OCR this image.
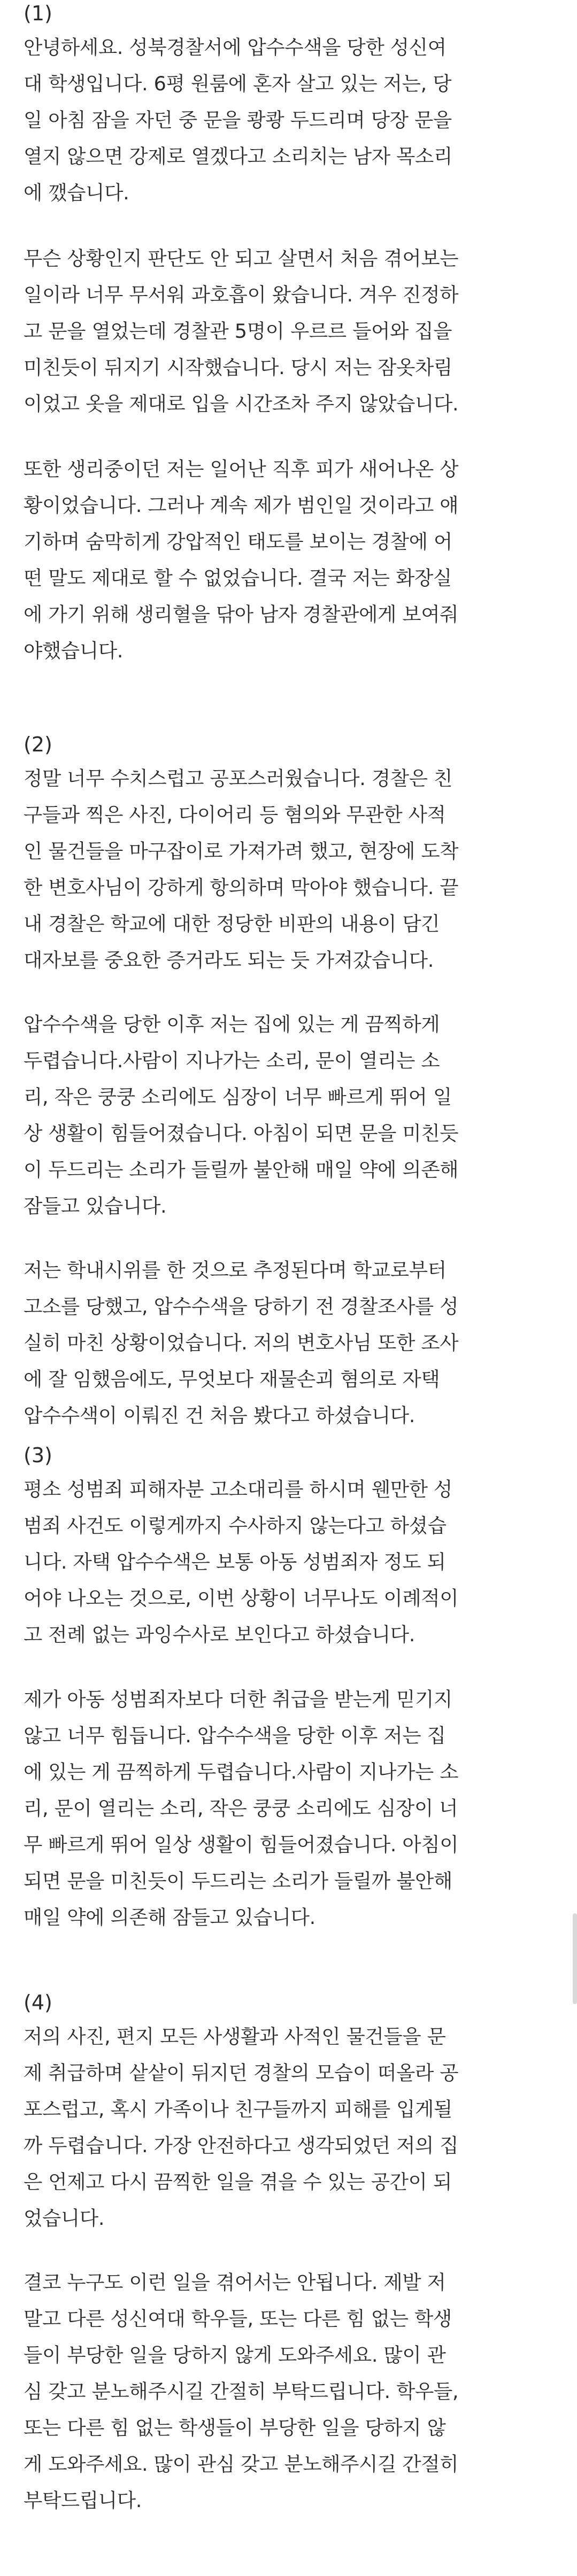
(1)
안녕하세요. 성북경찰서에 압수수색을 당한 성신여
대 학생입니다. 6평 원룸에 혼자 살고 있는 저는, 당
일 아침 잠을 자던 중 문을 쾅쾅 두드리며 당장 문을
열지 않으면 강제로 열겠다고 소리치는 남자 목소리
에 깼습니다.
무슨 상황인지 판단도 안 되고 살면서 처음 겪어보는
일이라 너무 무서워 과호흡이 왔습니다. 겨우 진정하
고 문을 열었는데 경찰관 5명이 우르르 들어와 집을
미친듯이 뒤지기 시작했습니다. 당시 저는 잠옷차림
이었고 옷을 제대로 입을 시간조차 주지 않았습니다.
또한 생리중이던 저는 일어난 직후 피가 새어나온 상
황이었습니다. 그러나 계속 제가 범인일 것이라고 얘
기하며 숨막히게 강압적인 태도를 보이는 경찰에 어
떤 말도 제대로 할 수 없었습니다. 결국 저는 화장실
에 가기 위해 생리혈을 닦아 남자 경찰관에게 보여줘
야했습니다.
(2)
정말 너무 수치스럽고 공포스러웠습니다. 경찰은 친
구들과 찍은 사진, 다이어리 등 혐의와 무관한 사적
인 물건들을 마구잡이로 가져가려 했고, 현장에 도착
한 변호사님이 강하게 항의하며 막아야 했습니다. 끝
내 경찰은 학교에 대한 정당한 비판의 내용이 담긴
대자보를 중요한 증거라도 되는 듯 가져갔습니다.
압수수색을 당한 이후 저는 집에 있는 게 끔찍하게
두렵습니다.사람이 지나가는 소리, 문이 열리는 소
리, 작은 쿵쿵 소리에도 심장이 너무 빠르게 뛰어 일
상 생활이 힘들어졌습니다. 아침이 되면 문을 미친듯
이 두드리는 소리가 들릴까 불안해 매일 약에 의존해
잠들고 있습니다.
저는 학내시위를 한 것으로 추정된다며 학교로부터
고소를 당했고, 압수수색을 당하기 전 경찰조사를 성
실히 마친 상황이었습니다. 저의 변호사님 또한 조사
에 잘 임했음에도, 무엇보다 재물손괴 혐의로 자택
압수수색이 이뤄진 건 처음 봤다고 하셨습니다.
(3)
평소 성범죄 피해자분 고소대리를 하시며 웬만한 성
범죄 사건도 이렇게까지 수사하지 않는다고 하셨습
니다. 자택 압수수색은 보통 아동 성범죄자 정도 되
어야 나오는 것으로, 이번 상황이 너무나도 이례적이
고 전례 없는 과잉수사로 보인다고 하셨습니다.
제가 아동 성범죄자보다 더한 취급을 받는게 믿기지
않고 너무 힘듭니다. 압수수색을 당한 이후 저는 집
에 있는 게 끔찍하게 두렵습니다.사람이 지나가는 소
리, 문이 열리는 소리, 작은 쿵쿵 소리에도 심장이 너
무 빠르게 뛰어 일상 생활이 힘들어졌습니다. 아침이
되면 문을 미친듯이 두드리는 소리가 들릴까 불안해
매일 약에 의존해 잠들고 있습니다.
(4)
저의 사진, 편지 모든 사생활과 사적인 물건들을 문
제 취급하며 샅샅이 뒤지던 경찰의 모습이 떠올라 공
포스럽고, 혹시 가족이나 친구들까지 피해를 입게될
까 두렵습니다. 가장 안전하다고 생각되었던 저의 집
은 언제고 다시 끔찍한 일을 겪을 수 있는 공간이 되
었습니다.
결코 누구도 이런 일을 겪어서는 안됩니다. 제발 저
말고 다른 성신여대 학우들, 또는 다른 힘 없는 학생
들이 부당한 일을 당하지 않게 도와주세요. 많이 관
심 갖고 분노해주시길 간절히 부탁드립니다. 학우들,
또는 다른 힘 없는 학생들이 부당한 일을 당하지 않
게 도와주세요. 많이 관심 갖고 분노해주시길 간절히
부탁드립니다.
